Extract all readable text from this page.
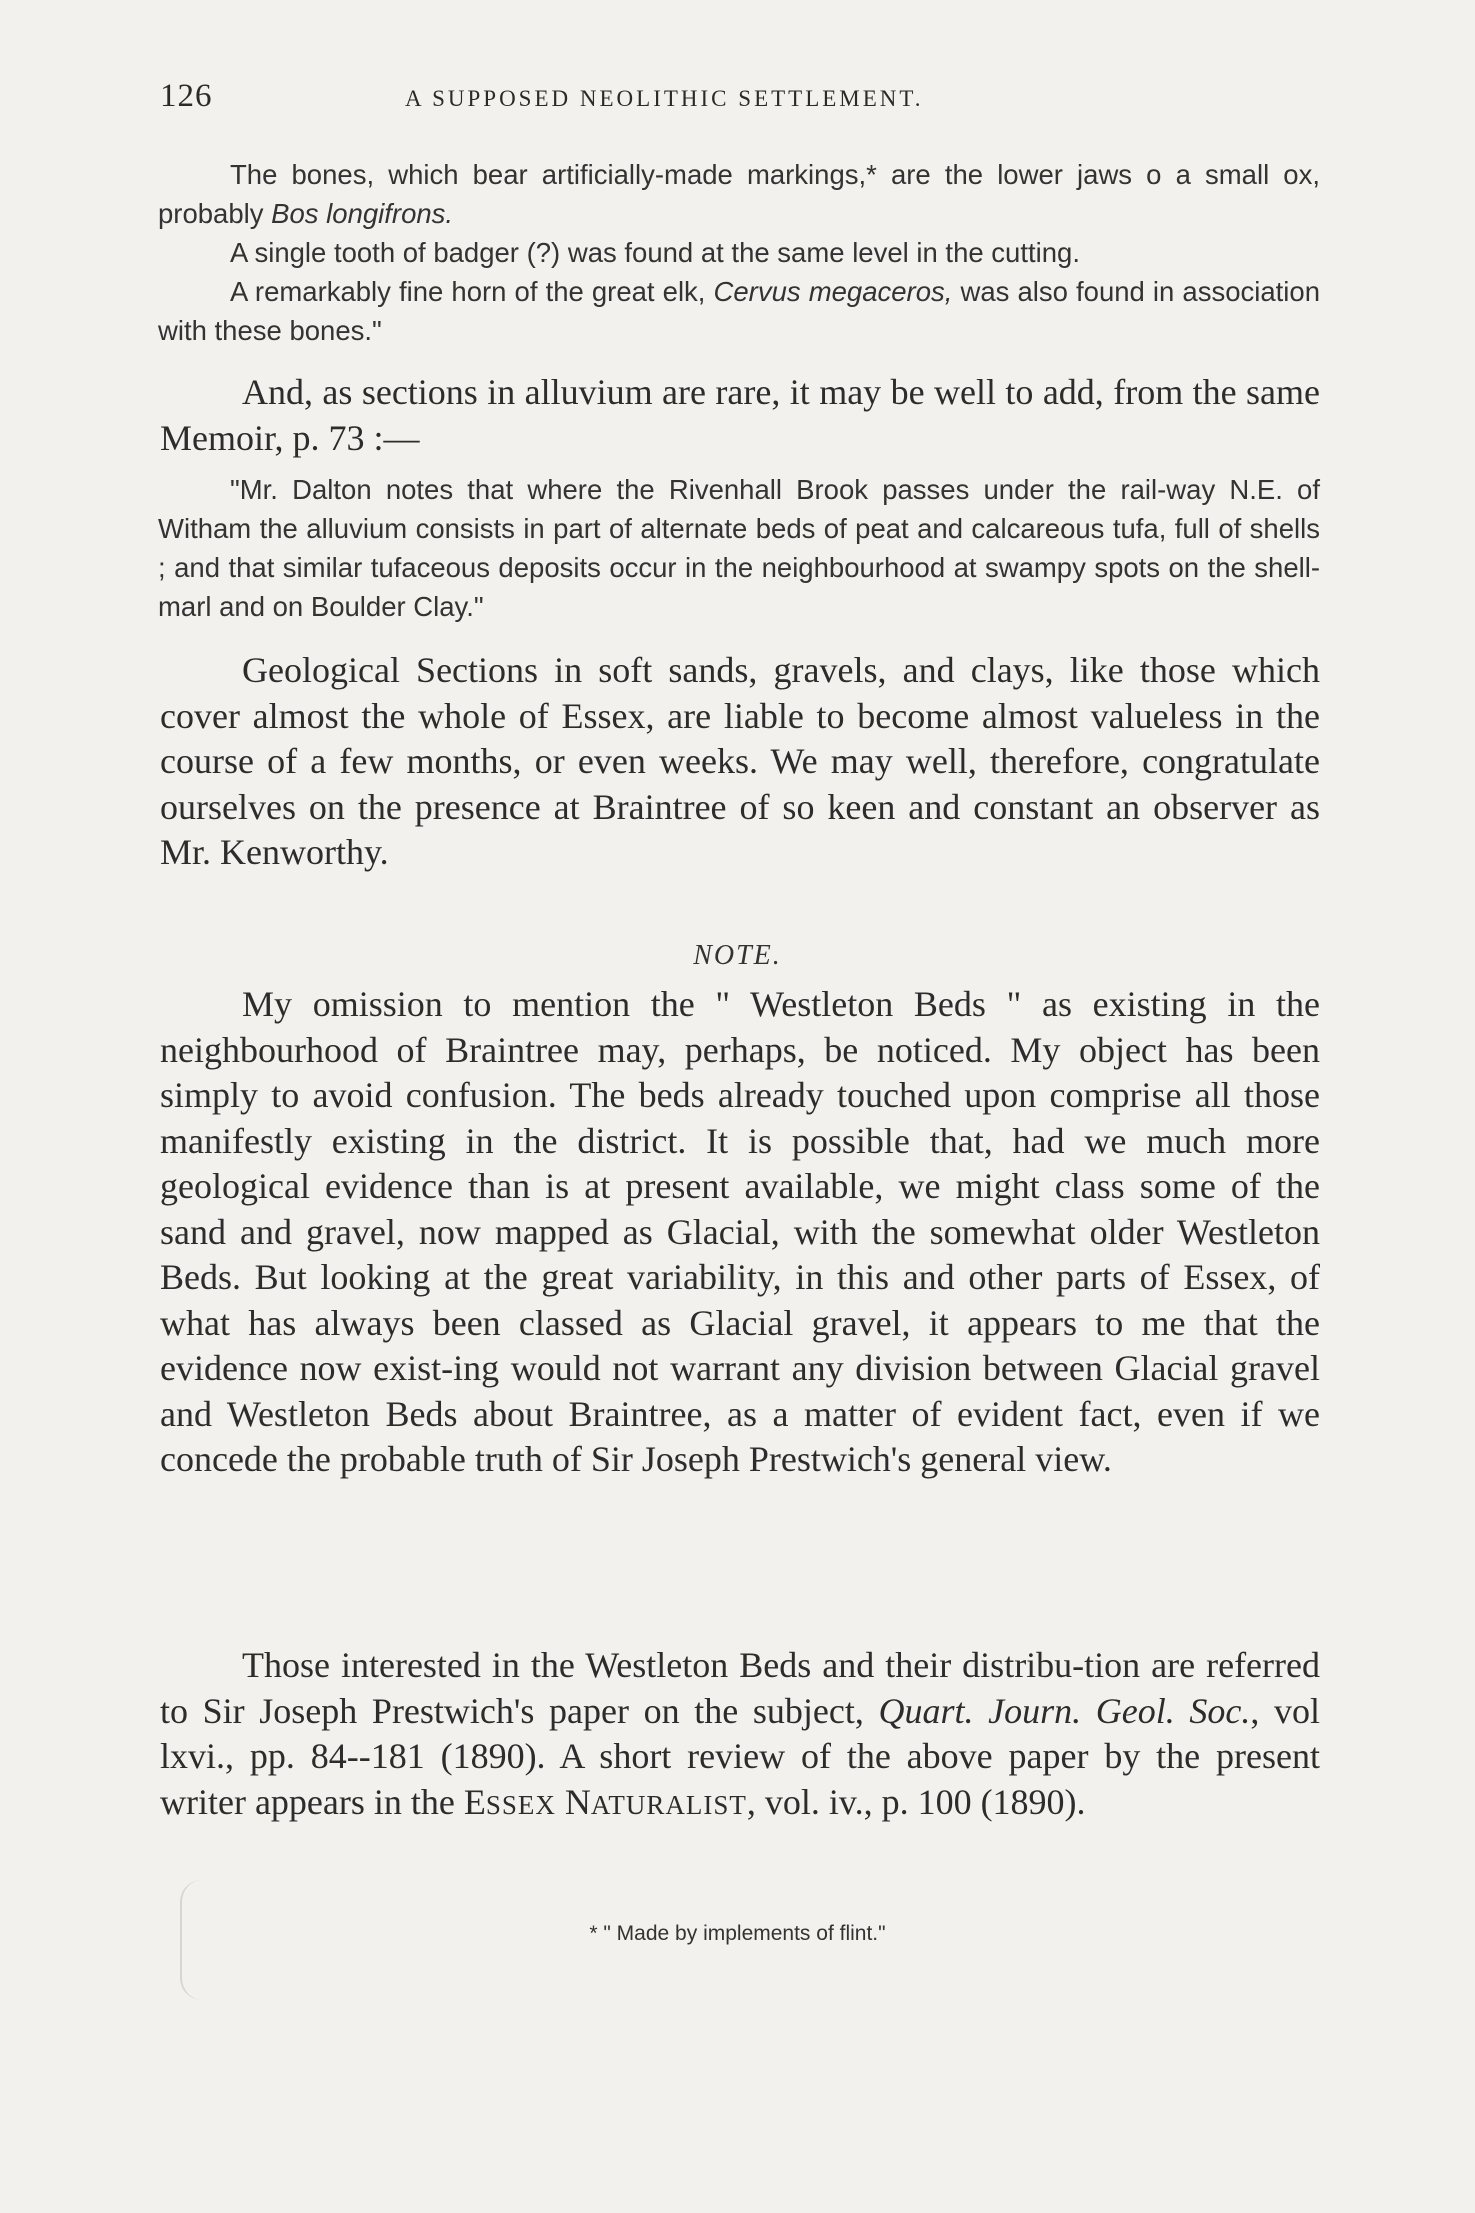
126	A SUPPOSED NEOLITHIC SETTLEMENT.

The bones, which bear artificially-made markings,* are the lower jaws o a small ox, probably Bos longifrons.

A single tooth of badger (?) was found at the same level in the cutting.

A remarkably fine horn of the great elk, Cervus megaceros, was also found in association with these bones."

And, as sections in alluvium are rare, it may be well to add, from the same Memoir, p. 73 :—

"Mr. Dalton notes that where the Rivenhall Brook passes under the rail-way N.E. of Witham the alluvium consists in part of alternate beds of peat and calcareous tufa, full of shells ; and that similar tufaceous deposits occur in the neighbourhood at swampy spots on the shell-marl and on Boulder Clay."

Geological Sections in soft sands, gravels, and clays, like those which cover almost the whole of Essex, are liable to become almost valueless in the course of a few months, or even weeks. We may well, therefore, congratulate ourselves on the presence at Braintree of so keen and constant an observer as Mr. Kenworthy.

NOTE.

My omission to mention the " Westleton Beds " as existing in the neighbourhood of Braintree may, perhaps, be noticed. My object has been simply to avoid confusion. The beds already touched upon comprise all those manifestly existing in the district. It is possible that, had we much more geological evidence than is at present available, we might class some of the sand and gravel, now mapped as Glacial, with the somewhat older Westleton Beds. But looking at the great variability, in this and other parts of Essex, of what has always been classed as Glacial gravel, it appears to me that the evidence now exist-ing would not warrant any division between Glacial gravel and Westleton Beds about Braintree, as a matter of evident fact, even if we concede the probable truth of Sir Joseph Prestwich's general view.

Those interested in the Westleton Beds and their distribu-tion are referred to Sir Joseph Prestwich's paper on the subject, Quart. Journ. Geol. Soc., vol lxvi., pp. 84--181 (1890). A short review of the above paper by the present writer appears in the ESSEX NATURALIST, vol. iv., p. 100 (1890).

* " Made by implements of flint."
